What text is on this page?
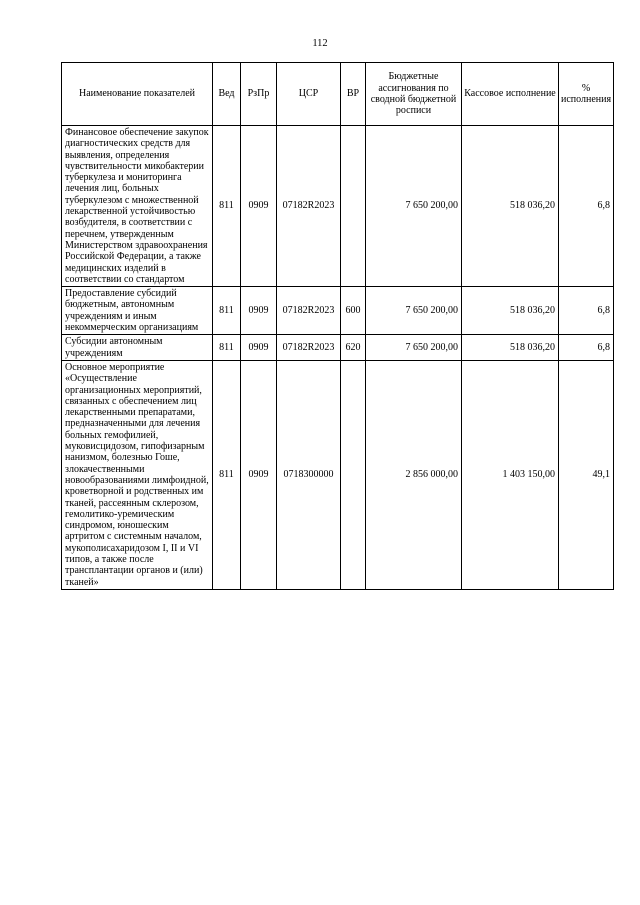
112
Наименование показателей	Вед	РзПр	ЦСР	ВР	Бюджетные ассигнования по сводной бюджетной росписи	Кассовое исполнение	% исполнения
Финансовое обеспечение закупок диагностических средств для выявления, определения чувствительности микобактерии туберкулеза и мониторинга лечения лиц, больных туберкулезом с множественной лекарственной устойчивостью возбудителя, в соответствии с перечнем, утвержденным Министерством здравоохранения Российской Федерации, а также медицинских изделий в соответствии со стандартом	811	0909	07182R2023		7 650 200,00	518 036,20	6,8
Предоставление субсидий бюджетным, автономным учреждениям и иным некоммерческим организациям	811	0909	07182R2023	600	7 650 200,00	518 036,20	6,8
Субсидии автономным учреждениям	811	0909	07182R2023	620	7 650 200,00	518 036,20	6,8
Основное мероприятие «Осуществление организационных мероприятий, связанных с обеспечением лиц лекарственными препаратами, предназначенными для лечения больных гемофилией, муковисцидозом, гипофизарным нанизмом, болезнью Гоше, злокачественными новообразованиями лимфоидной, кроветворной и родственных им тканей, рассеянным склерозом, гемолитико-уремическим синдромом, юношеским артритом с системным началом, мукополисахаридозом I, II и VI типов, а также после трансплантации органов и (или) тканей»	811	0909	0718300000		2 856 000,00	1 403 150,00	49,1
